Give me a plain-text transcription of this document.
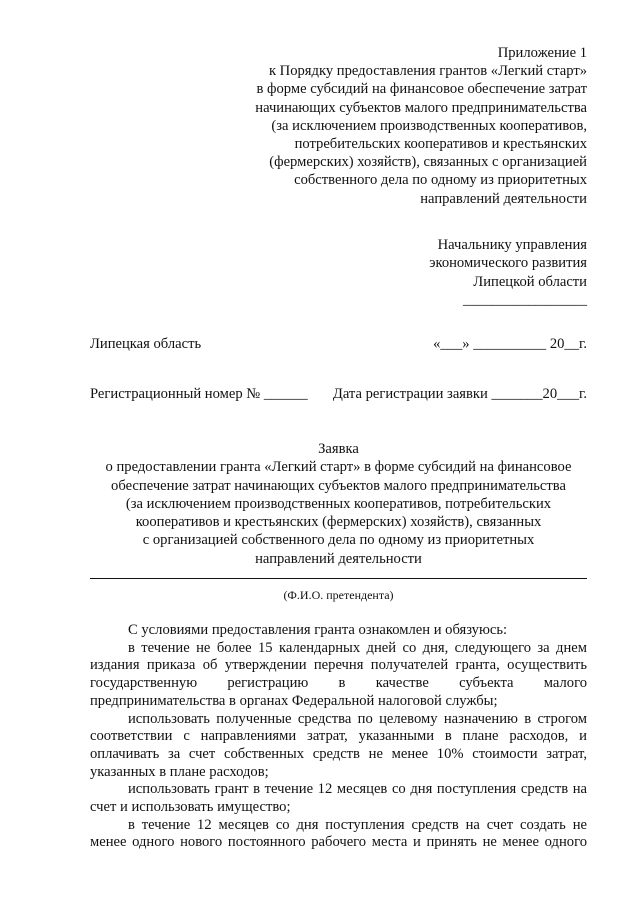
Приложение 1
к Порядку предоставления грантов «Легкий старт»
в форме субсидий на финансовое обеспечение затрат
начинающих субъектов малого предпринимательства
(за исключением производственных кооперативов,
потребительских кооперативов и крестьянских
(фермерских) хозяйств), связанных с организацией
собственного дела по одному из приоритетных
направлений деятельности
Начальнику управления
экономического развития
Липецкой области
_________________
Липецкая область	«___» __________ 20__г.
Регистрационный номер № ______ Дата регистрации заявки _______20___г.
Заявка
о предоставлении гранта «Легкий старт» в форме субсидий на финансовое
обеспечение затрат начинающих субъектов малого предпринимательства
(за исключением производственных кооперативов, потребительских
кооперативов и крестьянских (фермерских) хозяйств), связанных
с организацией собственного дела по одному из приоритетных
направлений деятельности
(Ф.И.О. претендента)

С условиями предоставления гранта ознакомлен и обязуюсь:

в течение не более 15 календарных дней со дня, следующего за днем издания приказа об утверждении перечня получателей гранта, осуществить государственную регистрацию в качестве субъекта малого предпринимательства в органах Федеральной налоговой службы;

использовать полученные средства по целевому назначению в строгом соответствии с направлениями затрат, указанными в плане расходов, и оплачивать за счет собственных средств не менее 10% стоимости затрат, указанных в плане расходов;

использовать грант в течение 12 месяцев со дня поступления средств на счет и использовать имущество;

в течение 12 месяцев со дня поступления средств на счет создать не менее одного нового постоянного рабочего места и принять не менее одного
